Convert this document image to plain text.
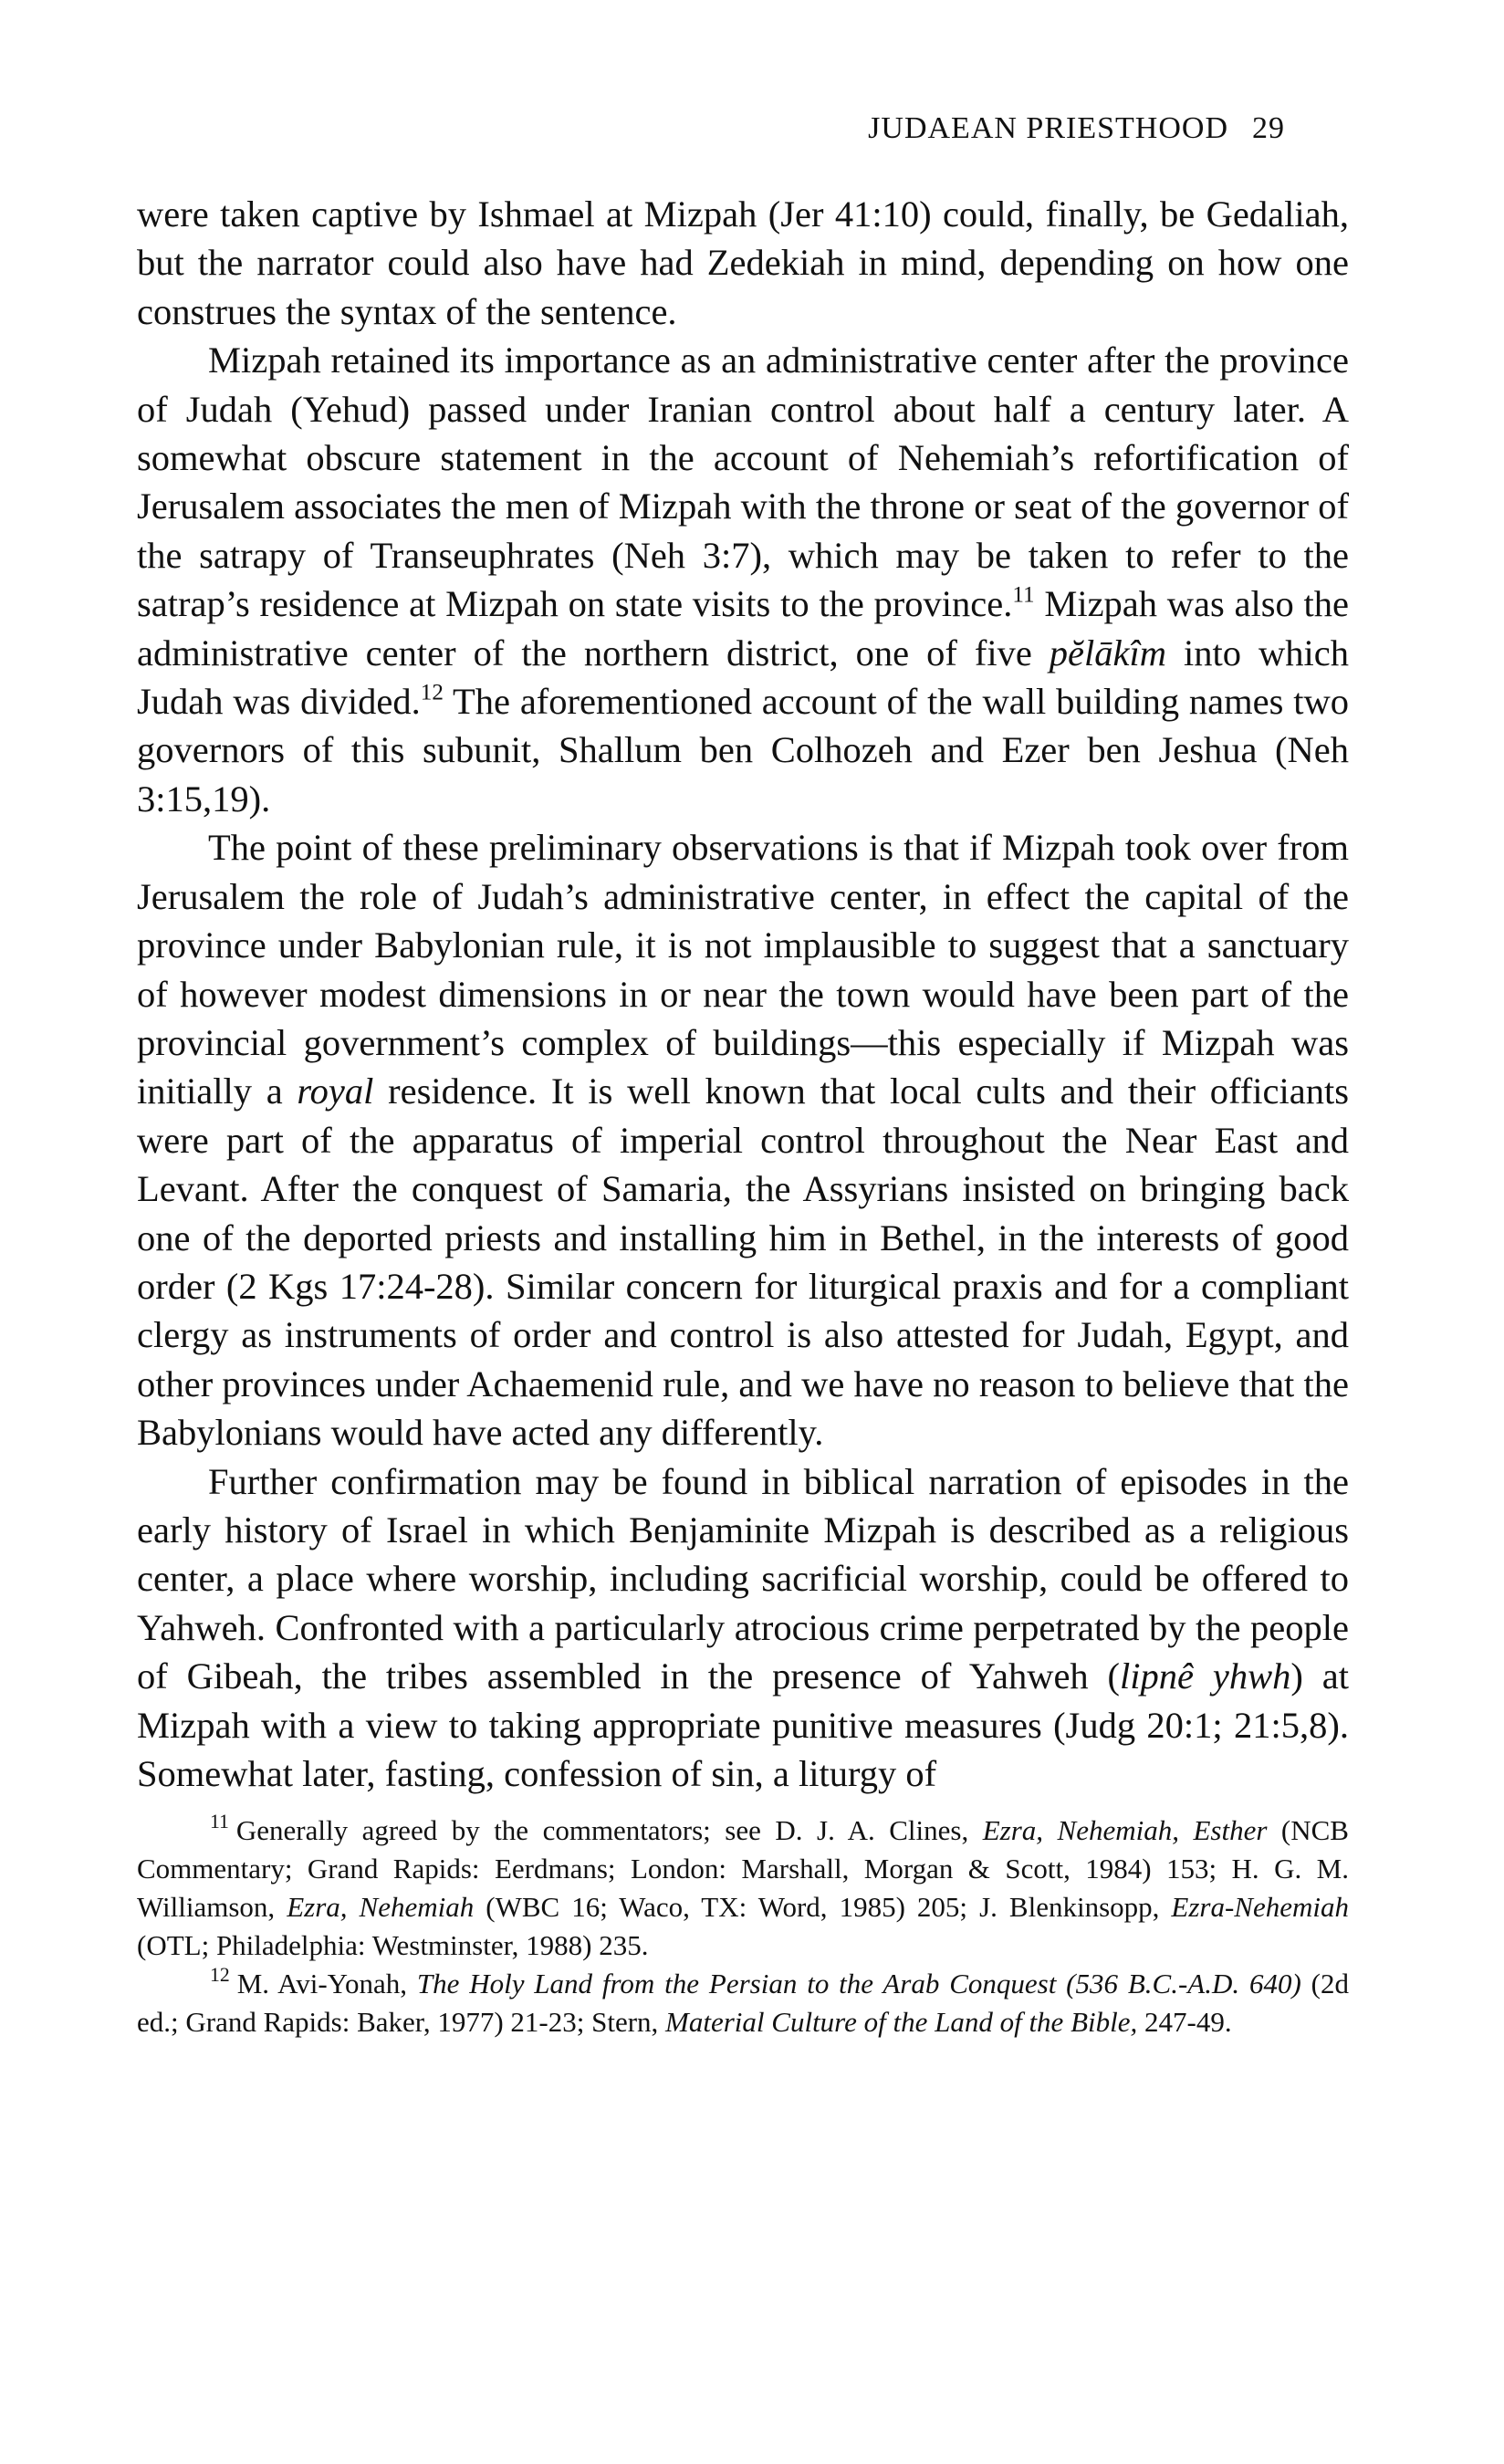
JUDAEAN PRIESTHOOD 29

were taken captive by Ishmael at Mizpah (Jer 41:10) could, finally, be Gedaliah, but the narrator could also have had Zedekiah in mind, depending on how one construes the syntax of the sentence.

Mizpah retained its importance as an administrative center after the province of Judah (Yehud) passed under Iranian control about half a century later. A somewhat obscure statement in the account of Nehemiah’s refortification of Jerusalem associates the men of Mizpah with the throne or seat of the governor of the satrapy of Transeuphrates (Neh 3:7), which may be taken to refer to the satrap’s residence at Mizpah on state visits to the province.$^{11}$ Mizpah was also the administrative center of the northern district, one of five pĕlākîm into which Judah was divided.$^{12}$ The aforementioned account of the wall building names two governors of this subunit, Shallum ben Colhozeh and Ezer ben Jeshua (Neh 3:15,19).

The point of these preliminary observations is that if Mizpah took over from Jerusalem the role of Judah’s administrative center, in effect the capital of the province under Babylonian rule, it is not implausible to suggest that a sanctuary of however modest dimensions in or near the town would have been part of the provincial government’s complex of buildings—this especially if Mizpah was initially a royal residence. It is well known that local cults and their officiants were part of the apparatus of imperial control throughout the Near East and Levant. After the conquest of Samaria, the Assyrians insisted on bringing back one of the deported priests and installing him in Bethel, in the interests of good order (2 Kgs 17:24-28). Similar concern for liturgical praxis and for a compliant clergy as instruments of order and control is also attested for Judah, Egypt, and other provinces under Achaemenid rule, and we have no reason to believe that the Babylonians would have acted any differently.

Further confirmation may be found in biblical narration of episodes in the early history of Israel in which Benjaminite Mizpah is described as a religious center, a place where worship, including sacrificial worship, could be offered to Yahweh. Confronted with a particularly atrocious crime perpetrated by the people of Gibeah, the tribes assembled in the presence of Yahweh (lipnê yhwh) at Mizpah with a view to taking appropriate punitive measures (Judg 20:1; 21:5,8). Somewhat later, fasting, confession of sin, a liturgy of

$^{11}$ Generally agreed by the commentators; see D. J. A. Clines, Ezra, Nehemiah, Esther (NCB Commentary; Grand Rapids: Eerdmans; London: Marshall, Morgan & Scott, 1984) 153; H. G. M. Williamson, Ezra, Nehemiah (WBC 16; Waco, TX: Word, 1985) 205; J. Blenkinsopp, Ezra-Nehemiah (OTL; Philadelphia: Westminster, 1988) 235.

$^{12}$ M. Avi-Yonah, The Holy Land from the Persian to the Arab Conquest (536 B.C.-A.D. 640) (2d ed.; Grand Rapids: Baker, 1977) 21-23; Stern, Material Culture of the Land of the Bible, 247-49.
